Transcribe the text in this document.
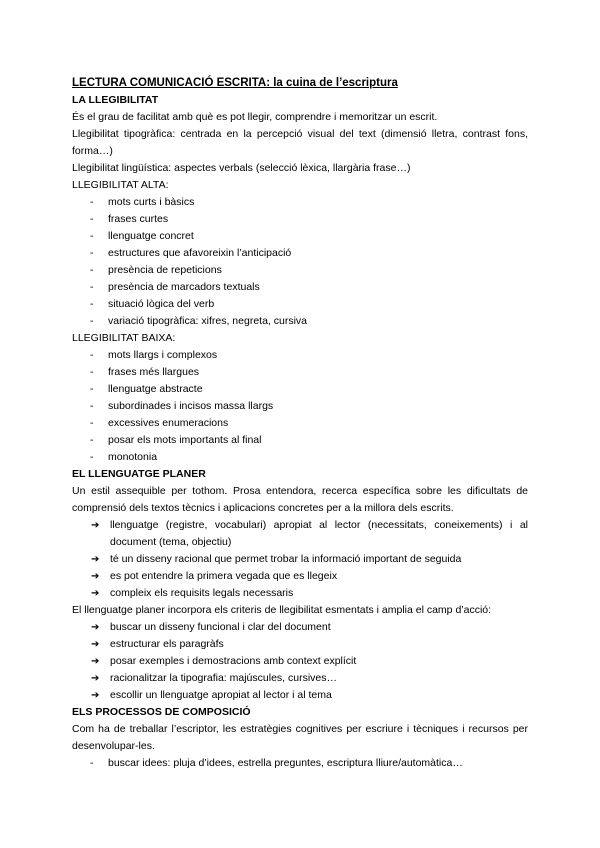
LECTURA COMUNICACIÓ ESCRITA: la cuina de l’escriptura
LA LLEGIBILITAT
És el grau de facilitat amb què es pot llegir, comprendre i memoritzar un escrit.
Llegibilitat tipogràfica: centrada en la percepció visual del text (dimensió lletra, contrast fons, forma…)
Llegibilitat lingüística: aspectes verbals (selecció lèxica, llargària frase…)
LLEGIBILITAT ALTA:
- mots curts i bàsics
- frases curtes
- llenguatge concret
- estructures que afavoreixin l’anticipació
- presència de repeticions
- presència de marcadors textuals
- situació lògica del verb
- variació tipogràfica: xifres, negreta, cursiva
LLEGIBILITAT BAIXA:
- mots llargs i complexos
- frases més llargues
- llenguatge abstracte
- subordinades i incisos massa llargs
- excessives enumeracions
- posar els mots importants al final
- monotonia
EL LLENGUATGE PLANER
Un estil assequible per tothom. Prosa entendora, recerca específica sobre les dificultats de comprensió dels textos tècnics i aplicacions concretes per a la millora dels escrits.
➔ llenguatge (registre, vocabulari) apropiat al lector (necessitats, coneixements) i al document (tema, objectiu)
➔ té un disseny racional que permet trobar la informació important de seguida
➔ es pot entendre la primera vegada que es llegeix
➔ compleix els requisits legals necessaris
El llenguatge planer incorpora els criteris de llegibilitat esmentats i amplia el camp d’acció:
➔ buscar un disseny funcional i clar del document
➔ estructurar els paragràfs
➔ posar exemples i demostracions amb context explícit
➔ racionalitzar la tipografia: majúscules, cursives…
➔ escollir un llenguatge apropiat al lector i al tema
ELS PROCESSOS DE COMPOSICIÓ
Com ha de treballar l’escriptor, les estratègies cognitives per escriure i tècniques i recursos per desenvolupar-les.
- buscar idees: pluja d’idees, estrella preguntes, escriptura lliure/automàtica…
